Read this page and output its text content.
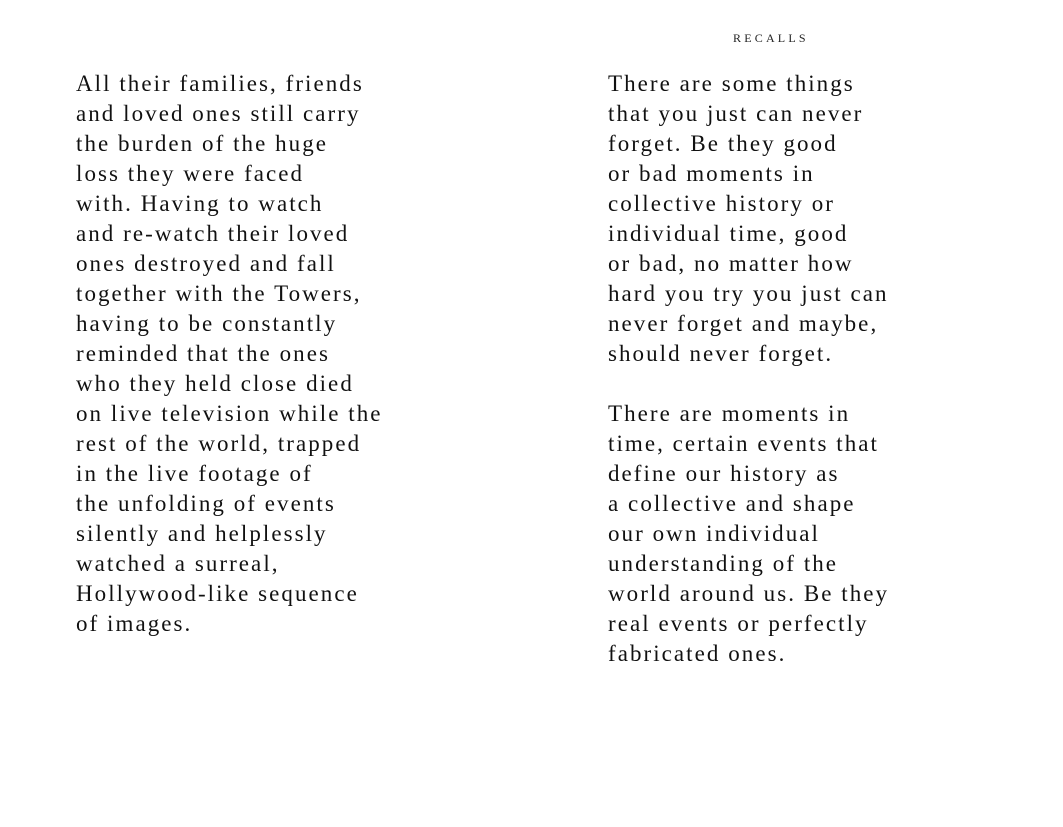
RECALLS

All their families, friends
and loved ones still carry
the burden of the huge
loss they were faced
with. Having to watch
and re-watch their loved
ones destroyed and fall
together with the Towers,
having to be constantly
reminded that the ones
who they held close died
on live television while the
rest of the world, trapped
in the live footage of
the unfolding of events
silently and helplessly
watched a surreal,
Hollywood-like sequence
of images.

There are some things
that you just can never
forget. Be they good
or bad moments in
collective history or
individual time, good
or bad, no matter how
hard you try you just can
never forget and maybe,
should never forget.

There are moments in
time, certain events that
define our history as
a collective and shape
our own individual
understanding of the
world around us. Be they
real events or perfectly
fabricated ones.
